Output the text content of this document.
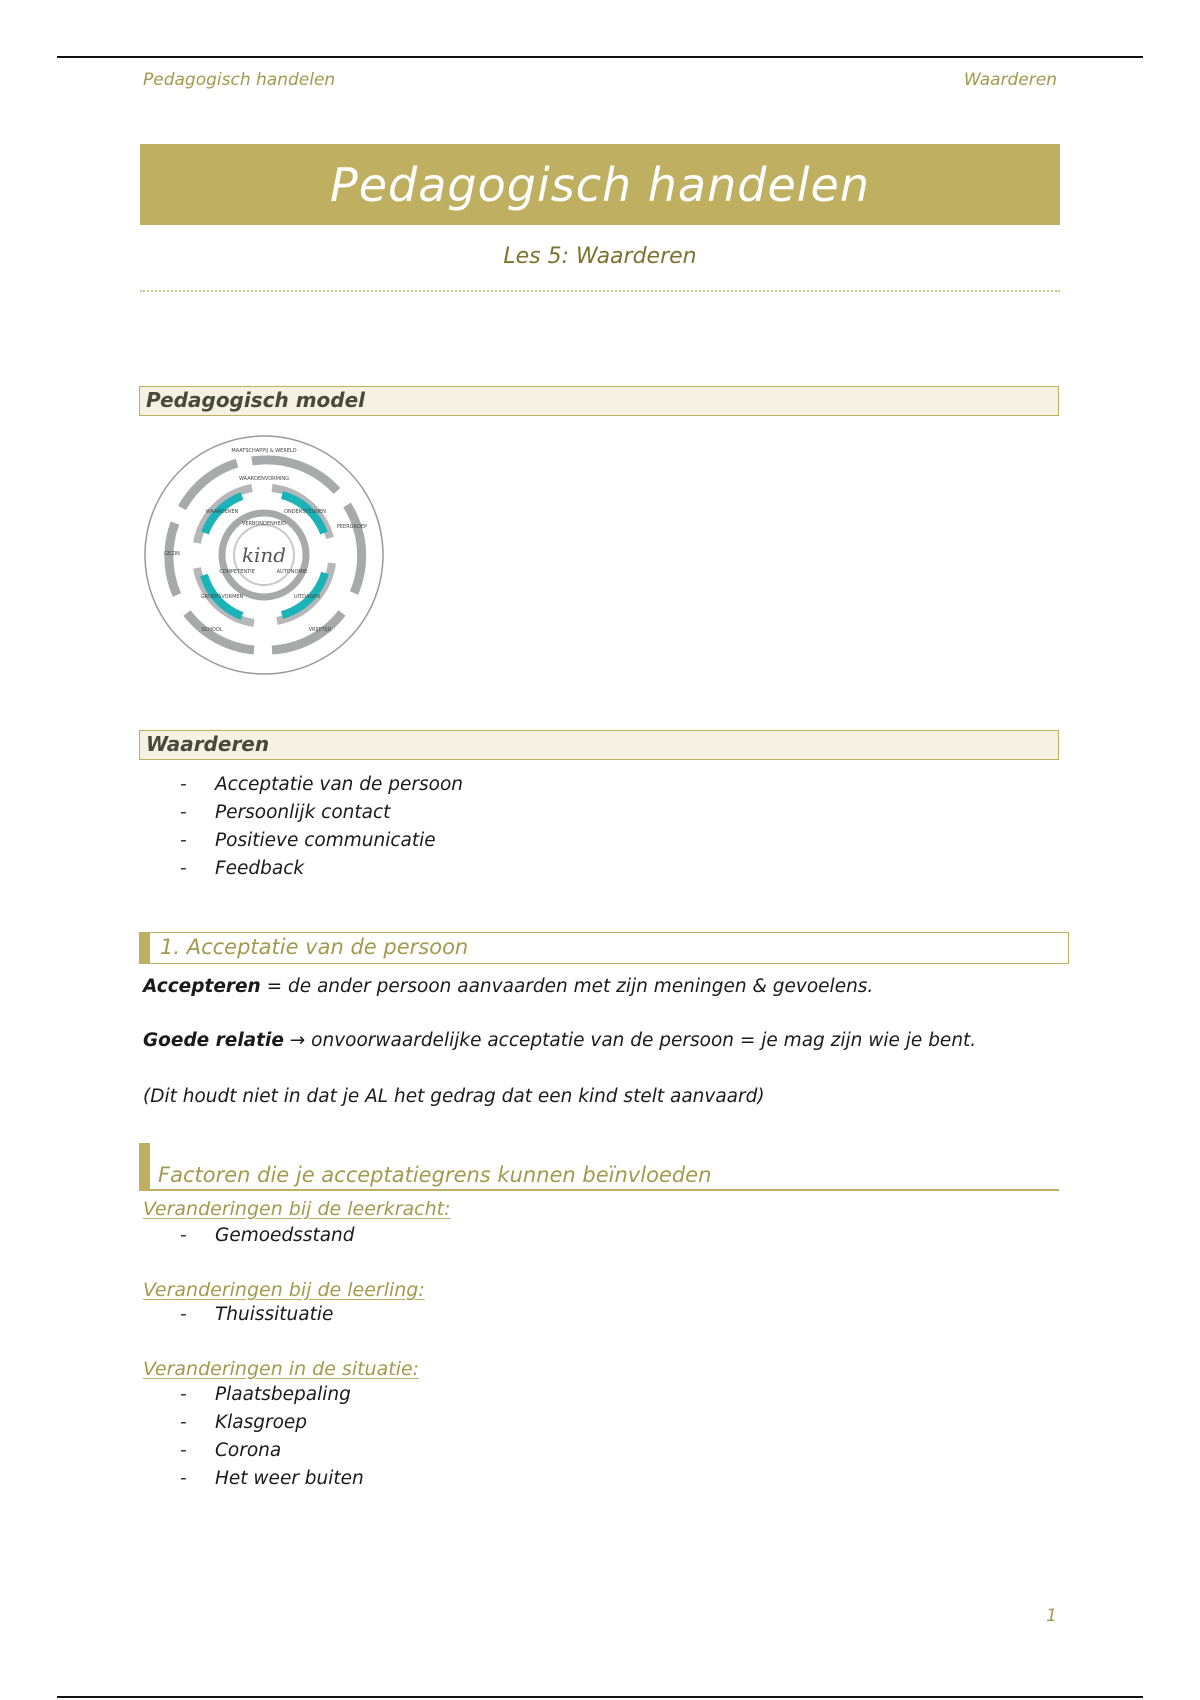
Pedagogisch handelen	Waarderen
Pedagogisch handelen
Les 5: Waarderen
Pedagogisch model
kind
MAATSCHAPPIJ & WERELD
WAARDENVORMING
VERBONDENHEID
COMPETENTIE	AUTONOMIE
WAARDEREN	ONDERSTEUNEN
UITDAGEN
GROEPSVORMEN
PEERGROEP
VRIJETIJD
SCHOOL
GEZIN
Waarderen
- Acceptatie van de persoon
- Persoonlijk contact
- Positieve communicatie
- Feedback
1. Acceptatie van de persoon
Accepteren = de ander persoon aanvaarden met zijn meningen & gevoelens.
Goede relatie → onvoorwaardelijke acceptatie van de persoon = je mag zijn wie je bent.
(Dit houdt niet in dat je AL het gedrag dat een kind stelt aanvaard)
Factoren die je acceptatiegrens kunnen beïnvloeden
Veranderingen bij de leerkracht:
- Gemoedsstand
Veranderingen bij de leerling:
- Thuissituatie
Veranderingen in de situatie:
- Plaatsbepaling
- Klasgroep
- Corona
- Het weer buiten
1
